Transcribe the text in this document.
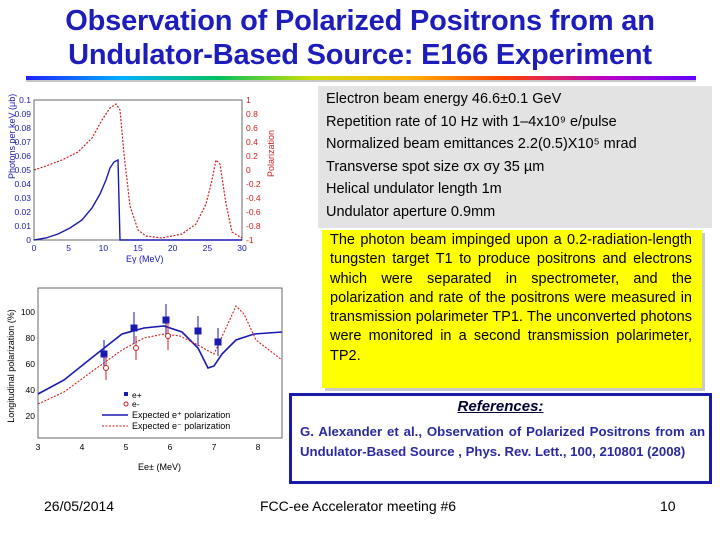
Observation of Polarized Positrons from an
Undulator-Based Source: E166 Experiment
0.1
0.09
0.08
0.07
0.06
0.05
0.04
0.03
0.02
0.01
0
1
0.8
0.6
0.4
0.2
0
-0.2
-0.4
-0.6
-0.8
-1
0	5	10	15	20	25	30
Photons per keV (μb)	Polarization
Eγ (MeV)
100
80
60
40
20
3	4	5	6	7	8
e+
e-
Expected e⁺ polarization
Expected e⁻ polarization
Longitudinal polarization (%)
Ee± (MeV)
Electron beam energy 46.6±0.1 GeV
Repetition rate of 10 Hz with 1–4x10⁹ e/pulse
Normalized beam emittances 2.2(0.5)X10⁵ mrad
Transverse spot size σx σy 35 µm
Helical undulator length 1m
Undulator aperture 0.9mm
The photon beam impinged upon a 0.2-radiation-length tungsten target T1 to produce positrons and electrons which were separated in spectrometer, and the polarization and rate of the positrons were measured in transmission polarimeter TP1. The unconverted photons were monitored in a second transmission polarimeter, TP2.
References:
G. Alexander et al., Observation of Polarized Positrons from an Undulator-Based Source , Phys. Rev. Lett., 100, 210801 (2008)
26/05/2014	FCC-ee Accelerator meeting #6	10
